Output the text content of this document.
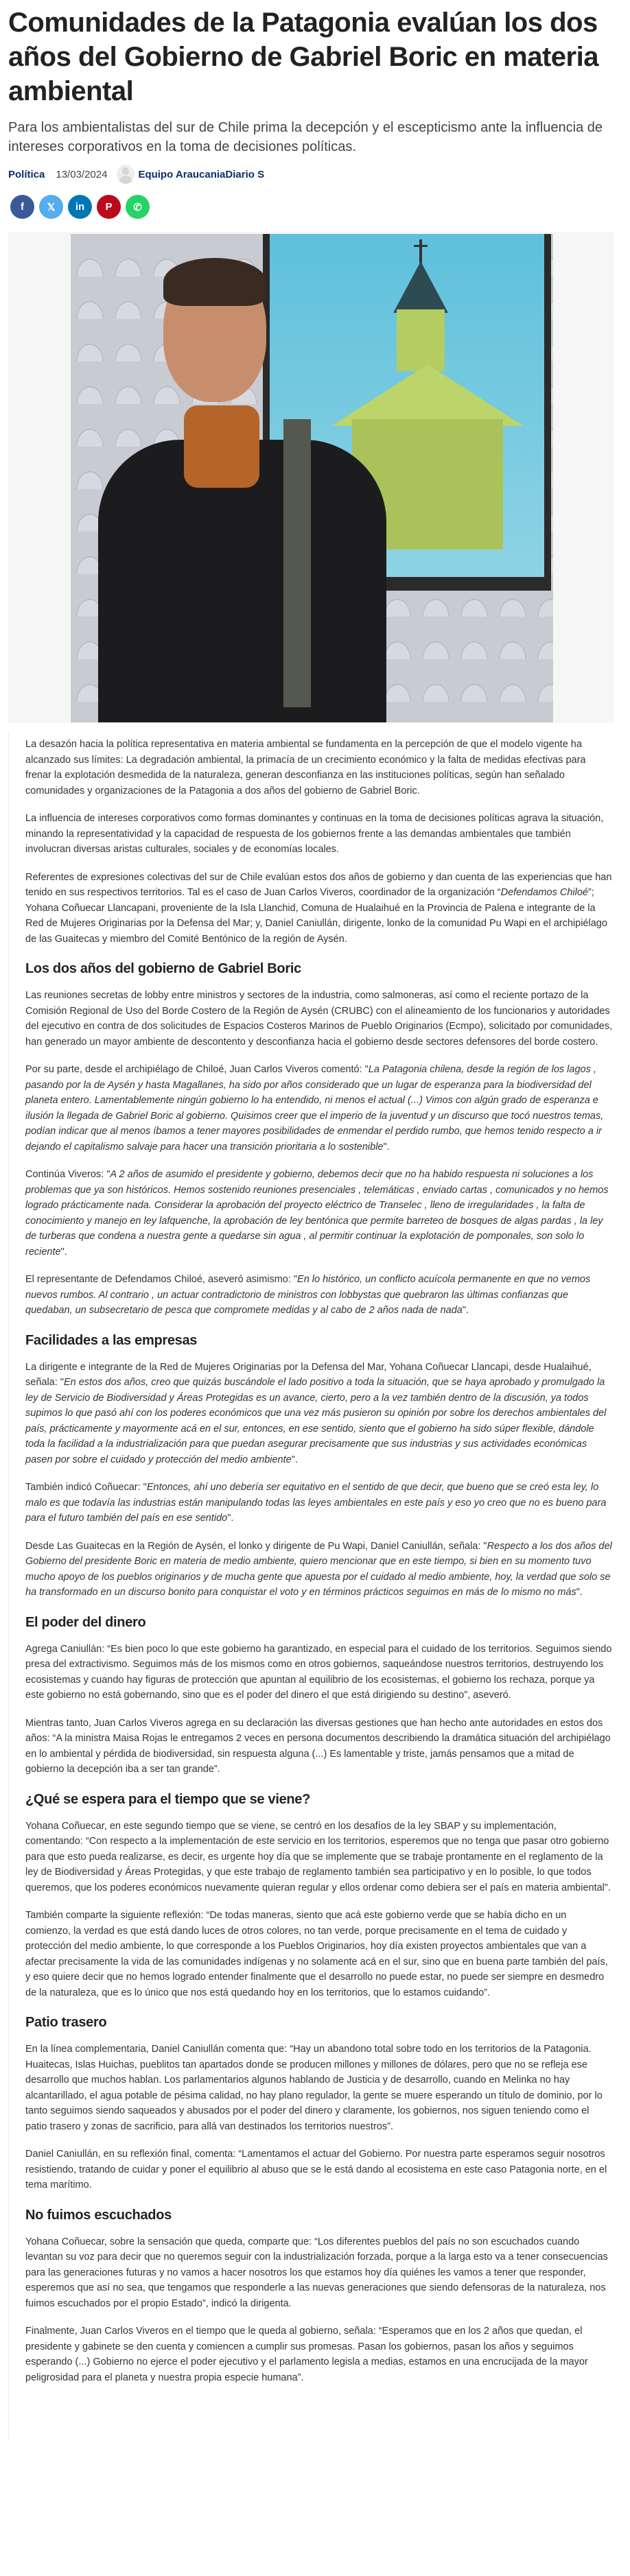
Comunidades de la Patagonia evalúan los dos años del Gobierno de Gabriel Boric en materia ambiental

Para los ambientalistas del sur de Chile prima la decepción y el escepticismo ante la influencia de intereses corporativos en la toma de decisiones políticas.

Política 13/03/2024	Equipo AraucaniaDiario S
f 𝕏 in P ✆

La desazón hacia la política representativa en materia ambiental se fundamenta en la percepción de que el modelo vigente ha alcanzado sus límites: La degradación ambiental, la primacía de un crecimiento económico y la falta de medidas efectivas para frenar la explotación desmedida de la naturaleza, generan desconfianza en las instituciones políticas, según han señalado comunidades y organizaciones de la Patagonia a dos años del gobierno de Gabriel Boric.

La influencia de intereses corporativos como formas dominantes y continuas en la toma de decisiones políticas agrava la situación, minando la representatividad y la capacidad de respuesta de los gobiernos frente a las demandas ambientales que también involucran diversas aristas culturales, sociales y de economías locales.

Referentes de expresiones colectivas del sur de Chile evalúan estos dos años de gobierno y dan cuenta de las experiencias que han tenido en sus respectivos territorios. Tal es el caso de Juan Carlos Viveros, coordinador de la organización “Defendamos Chiloé”; Yohana Coñuecar Llancapani, proveniente de la Isla Llanchid, Comuna de Hualaihué en la Provincia de Palena e integrante de la Red de Mujeres Originarias por la Defensa del Mar; y, Daniel Caniullán, dirigente, lonko de la comunidad Pu Wapi en el archipiélago de las Guaitecas y miembro del Comité Bentónico de la región de Aysén.

Los dos años del gobierno de Gabriel Boric

Las reuniones secretas de lobby entre ministros y sectores de la industria, como salmoneras, así como el reciente portazo de la Comisión Regional de Uso del Borde Costero de la Región de Aysén (CRUBC) con el alineamiento de los funcionarios y autoridades del ejecutivo en contra de dos solicitudes de Espacios Costeros Marinos de Pueblo Originarios (Ecmpo), solicitado por comunidades, han generado un mayor ambiente de descontento y desconfianza hacia el gobierno desde sectores defensores del borde costero.

Por su parte, desde el archipiélago de Chiloé, Juan Carlos Viveros comentó: "La Patagonia chilena, desde la región de los lagos , pasando por la de Aysén y hasta Magallanes, ha sido por años considerado que un lugar de esperanza para la biodiversidad del planeta entero. Lamentablemente ningún gobierno lo ha entendido, ni menos el actual (...) Vimos con algún grado de esperanza e ilusión la llegada de Gabriel Boric al gobierno. Quisimos creer que el imperio de la juventud y un discurso que tocó nuestros temas, podían indicar que al menos íbamos a tener mayores posibilidades de enmendar el perdido rumbo, que hemos tenido respecto a ir dejando el capitalismo salvaje para hacer una transición prioritaria a lo sostenible".

Continúa Viveros: "A 2 años de asumido el presidente y gobierno, debemos decir que no ha habido respuesta ni soluciones a los problemas que ya son históricos. Hemos sostenido reuniones presenciales , telemáticas , enviado cartas , comunicados y no hemos logrado prácticamente nada. Considerar la aprobación del proyecto eléctrico de Transelec , lleno de irregularidades , la falta de conocimiento y manejo en ley lafquenche, la aprobación de ley bentónica que permite barreteo de bosques de algas pardas , la ley de turberas que condena a nuestra gente a quedarse sin agua , al permitir continuar la explotación de pomponales, son solo lo reciente".

El representante de Defendamos Chiloé, aseveró asimismo: "En lo histórico, un conflicto acuícola permanente en que no vemos nuevos rumbos. Al contrario , un actuar contradictorio de ministros con lobbystas que quebraron las últimas confianzas que quedaban, un subsecretario de pesca que compromete medidas y al cabo de 2 años nada de nada".

Facilidades a las empresas

La dirigente e integrante de la Red de Mujeres Originarias por la Defensa del Mar, Yohana Coñuecar Llancapi, desde Hualaihué, señala: "En estos dos años, creo que quizás buscándole el lado positivo a toda la situación, que se haya aprobado y promulgado la ley de Servicio de Biodiversidad y Áreas Protegidas es un avance, cierto, pero a la vez también dentro de la discusión, ya todos supimos lo que pasó ahí con los poderes económicos que una vez más pusieron su opinión por sobre los derechos ambientales del país, prácticamente y mayormente acá en el sur, entonces, en ese sentido, siento que el gobierno ha sido súper flexible, dándole toda la facilidad a la industrialización para que puedan asegurar precisamente que sus industrias y sus actividades económicas pasen por sobre el cuidado y protección del medio ambiente".

También indicó Coñuecar: "Entonces, ahí uno debería ser equitativo en el sentido de que decir, que bueno que se creó esta ley, lo malo es que todavía las industrias están manipulando todas las leyes ambientales en este país y eso yo creo que no es bueno para para el futuro también del país en ese sentido".

Desde Las Guaitecas en la Región de Aysén, el lonko y dirigente de Pu Wapi, Daniel Caniullán, señala: "Respecto a los dos años del Gobierno del presidente Boric en materia de medio ambiente, quiero mencionar que en este tiempo, si bien en su momento tuvo mucho apoyo de los pueblos originarios y de mucha gente que apuesta por el cuidado al medio ambiente, hoy, la verdad que solo se ha transformado en un discurso bonito para conquistar el voto y en términos prácticos seguimos en más de lo mismo no más".

El poder del dinero

Agrega Caniullán: “Es bien poco lo que este gobierno ha garantizado, en especial para el cuidado de los territorios. Seguimos siendo presa del extractivismo. Seguimos más de los mismos como en otros gobiernos, saqueándose nuestros territorios, destruyendo los ecosistemas y cuando hay figuras de protección que apuntan al equilibrio de los ecosistemas, el gobierno los rechaza, porque ya este gobierno no está gobernando, sino que es el poder del dinero el que está dirigiendo su destino”, aseveró.

Mientras tanto, Juan Carlos Viveros agrega en su declaración las diversas gestiones que han hecho ante autoridades en estos dos años: “A la ministra Maisa Rojas le entregamos 2 veces en persona documentos describiendo la dramática situación del archipiélago en lo ambiental y pérdida de biodiversidad, sin respuesta alguna (...) Es lamentable y triste, jamás pensamos que a mitad de gobierno la decepción iba a ser tan grande”.

¿Qué se espera para el tiempo que se viene?

Yohana Coñuecar, en este segundo tiempo que se viene, se centró en los desafíos de la ley SBAP y su implementación, comentando: “Con respecto a la implementación de este servicio en los territorios, esperemos que no tenga que pasar otro gobierno para que esto pueda realizarse, es decir, es urgente hoy día que se implemente que se trabaje prontamente en el reglamento de la ley de Biodiversidad y Áreas Protegidas, y que este trabajo de reglamento también sea participativo y en lo posible, lo que todos queremos, que los poderes económicos nuevamente quieran regular y ellos ordenar como debiera ser el país en materia ambiental”.

También comparte la siguiente reflexión: “De todas maneras, siento que acá este gobierno verde que se había dicho en un comienzo, la verdad es que está dando luces de otros colores, no tan verde, porque precisamente en el tema de cuidado y protección del medio ambiente, lo que corresponde a los Pueblos Originarios, hoy día existen proyectos ambientales que van a afectar precisamente la vida de las comunidades indígenas y no solamente acá en el sur, sino que en buena parte también del país, y eso quiere decir que no hemos logrado entender finalmente que el desarrollo no puede estar, no puede ser siempre en desmedro de la naturaleza, que es lo único que nos está quedando hoy en los territorios, que lo estamos cuidando”.

Patio trasero

En la línea complementaria, Daniel Caniullán comenta que: “Hay un abandono total sobre todo en los territorios de la Patagonia. Huaitecas, Islas Huichas, pueblitos tan apartados donde se producen millones y millones de dólares, pero que no se refleja ese desarrollo que muchos hablan. Los parlamentarios algunos hablando de Justicia y de desarrollo, cuando en Melinka no hay alcantarillado, el agua potable de pésima calidad, no hay plano regulador, la gente se muere esperando un título de dominio, por lo tanto seguimos siendo saqueados y abusados por el poder del dinero y claramente, los gobiernos, nos siguen teniendo como el patio trasero y zonas de sacrificio, para allá van destinados los territorios nuestros”.

Daniel Caniullán, en su reflexión final, comenta: “Lamentamos el actuar del Gobierno. Por nuestra parte esperamos seguir nosotros resistiendo, tratando de cuidar y poner el equilibrio al abuso que se le está dando al ecosistema en este caso Patagonia norte, en el tema marítimo.

No fuimos escuchados

Yohana Coñuecar, sobre la sensación que queda, comparte que: “Los diferentes pueblos del país no son escuchados cuando levantan su voz para decir que no queremos seguir con la industrialización forzada, porque a la larga esto va a tener consecuencias para las generaciones futuras y no vamos a hacer nosotros los que estamos hoy día quiénes les vamos a tener que responder, esperemos que así no sea, que tengamos que responderle a las nuevas generaciones que siendo defensoras de la naturaleza, nos fuimos escuchados por el propio Estado”, indicó la dirigenta.

Finalmente, Juan Carlos Viveros en el tiempo que le queda al gobierno, señala: “Esperamos que en los 2 años que quedan, el presidente y gabinete se den cuenta y comiencen a cumplir sus promesas. Pasan los gobiernos, pasan los años y seguimos esperando (...) Gobierno no ejerce el poder ejecutivo y el parlamento legisla a medias, estamos en una encrucijada de la mayor peligrosidad para el planeta y nuestra propia especie humana”.
